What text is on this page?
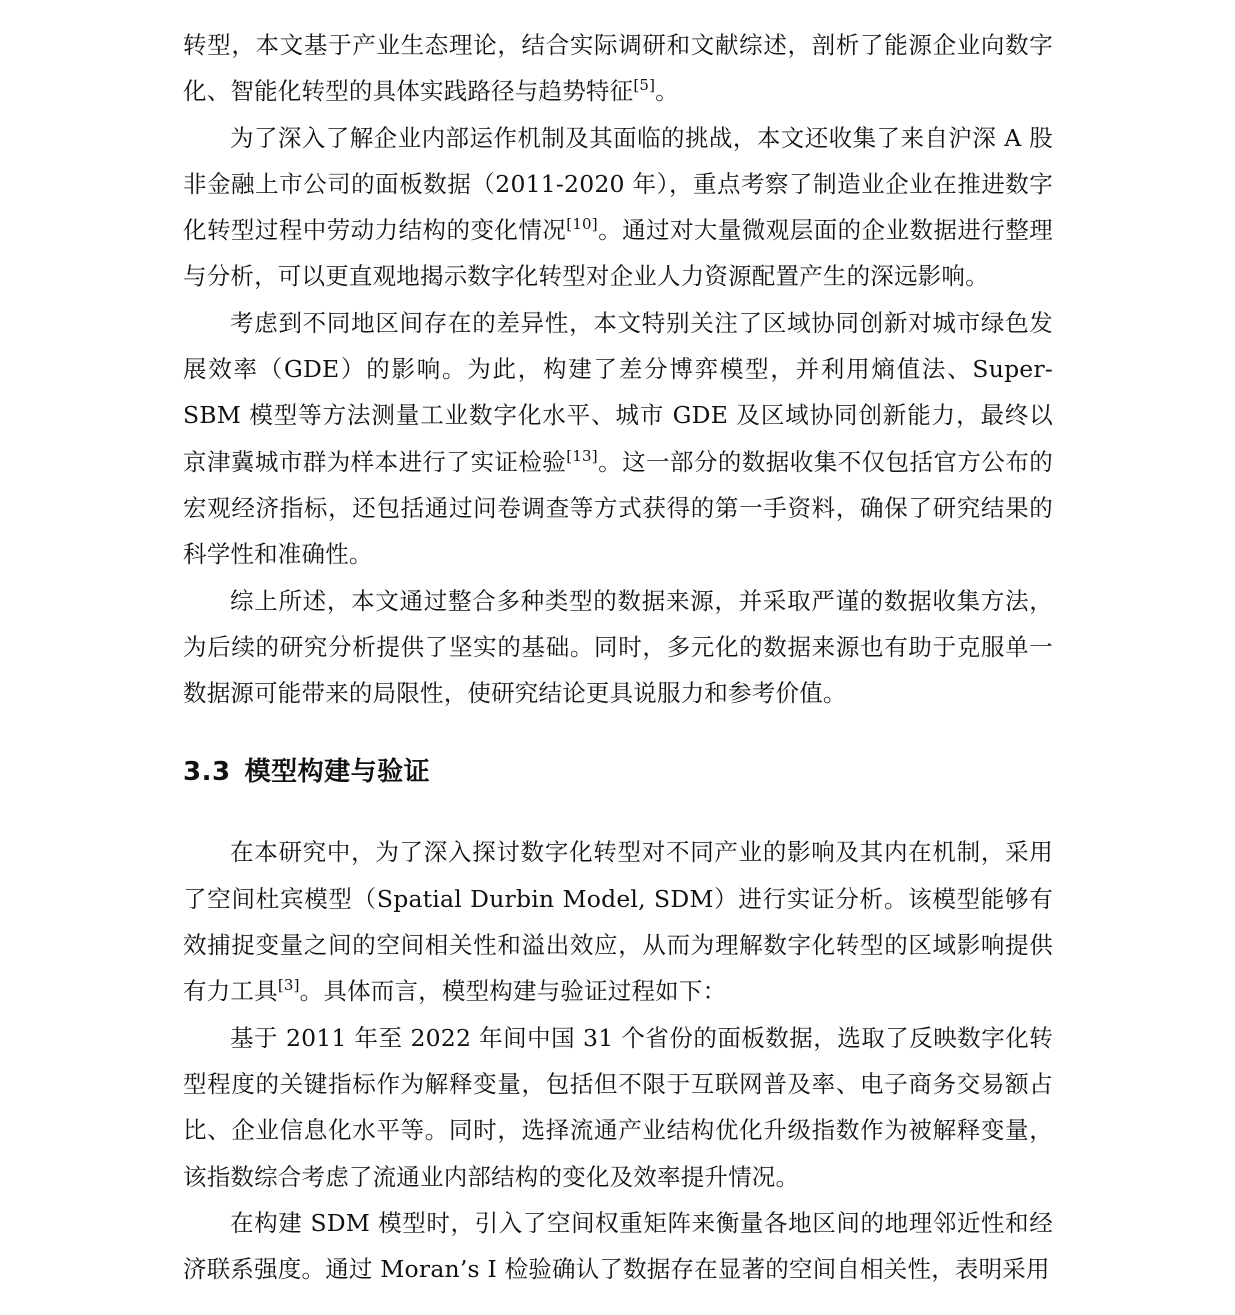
转型，本文基于产业生态理论，结合实际调研和文献综述，剖析了能源企业向数字化、智能化转型的具体实践路径与趋势特征[5]。

为了深入了解企业内部运作机制及其面临的挑战，本文还收集了来自沪深 A 股非金融上市公司的面板数据（2011-2020 年），重点考察了制造业企业在推进数字化转型过程中劳动力结构的变化情况[10]。通过对大量微观层面的企业数据进行整理与分析，可以更直观地揭示数字化转型对企业人力资源配置产生的深远影响。

考虑到不同地区间存在的差异性，本文特别关注了区域协同创新对城市绿色发展效率（GDE）的影响。为此，构建了差分博弈模型，并利用熵值法、Super-SBM 模型等方法测量工业数字化水平、城市 GDE 及区域协同创新能力，最终以京津冀城市群为样本进行了实证检验[13]。这一部分的数据收集不仅包括官方公布的宏观经济指标，还包括通过问卷调查等方式获得的第一手资料，确保了研究结果的科学性和准确性。

综上所述，本文通过整合多种类型的数据来源，并采取严谨的数据收集方法，为后续的研究分析提供了坚实的基础。同时，多元化的数据来源也有助于克服单一数据源可能带来的局限性，使研究结论更具说服力和参考价值。

3.3 模型构建与验证

在本研究中，为了深入探讨数字化转型对不同产业的影响及其内在机制，采用了空间杜宾模型（Spatial Durbin Model, SDM）进行实证分析。该模型能够有效捕捉变量之间的空间相关性和溢出效应，从而为理解数字化转型的区域影响提供有力工具[3]。具体而言，模型构建与验证过程如下：

基于 2011 年至 2022 年间中国 31 个省份的面板数据，选取了反映数字化转型程度的关键指标作为解释变量，包括但不限于互联网普及率、电子商务交易额占比、企业信息化水平等。同时，选择流通产业结构优化升级指数作为被解释变量，该指数综合考虑了流通业内部结构的变化及效率提升情况。

在构建 SDM 模型时，引入了空间权重矩阵来衡量各地区间的地理邻近性和经济联系强度。通过 Moran’s I 检验确认了数据存在显著的空间自相关性，表明采用
